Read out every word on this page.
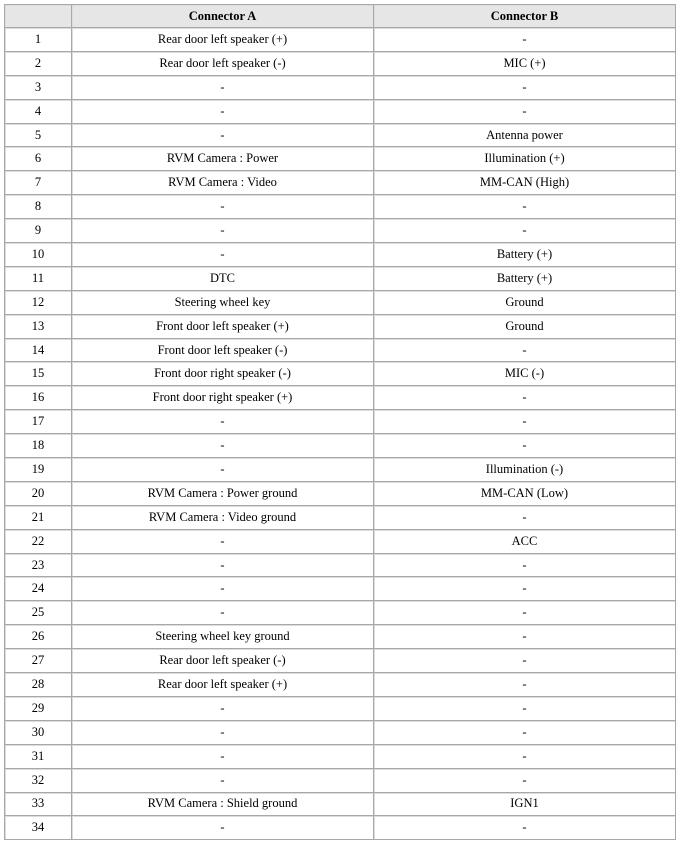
	Connector A	Connector B
1	Rear door left speaker (+)	-
2	Rear door left speaker (-)	MIC (+)
3	-	-
4	-	-
5	-	Antenna power
6	RVM Camera : Power	Illumination (+)
7	RVM Camera : Video	MM-CAN (High)
8	-	-
9	-	-
10	-	Battery (+)
11	DTC	Battery (+)
12	Steering wheel key	Ground
13	Front door left speaker (+)	Ground
14	Front door left speaker (-)	-
15	Front door right speaker (-)	MIC (-)
16	Front door right speaker (+)	-
17	-	-
18	-	-
19	-	Illumination (-)
20	RVM Camera : Power ground	MM-CAN (Low)
21	RVM Camera : Video ground	-
22	-	ACC
23	-	-
24	-	-
25	-	-
26	Steering wheel key ground	-
27	Rear door left speaker (-)	-
28	Rear door left speaker (+)	-
29	-	-
30	-	-
31	-	-
32	-	-
33	RVM Camera : Shield ground	IGN1
34	-	-
